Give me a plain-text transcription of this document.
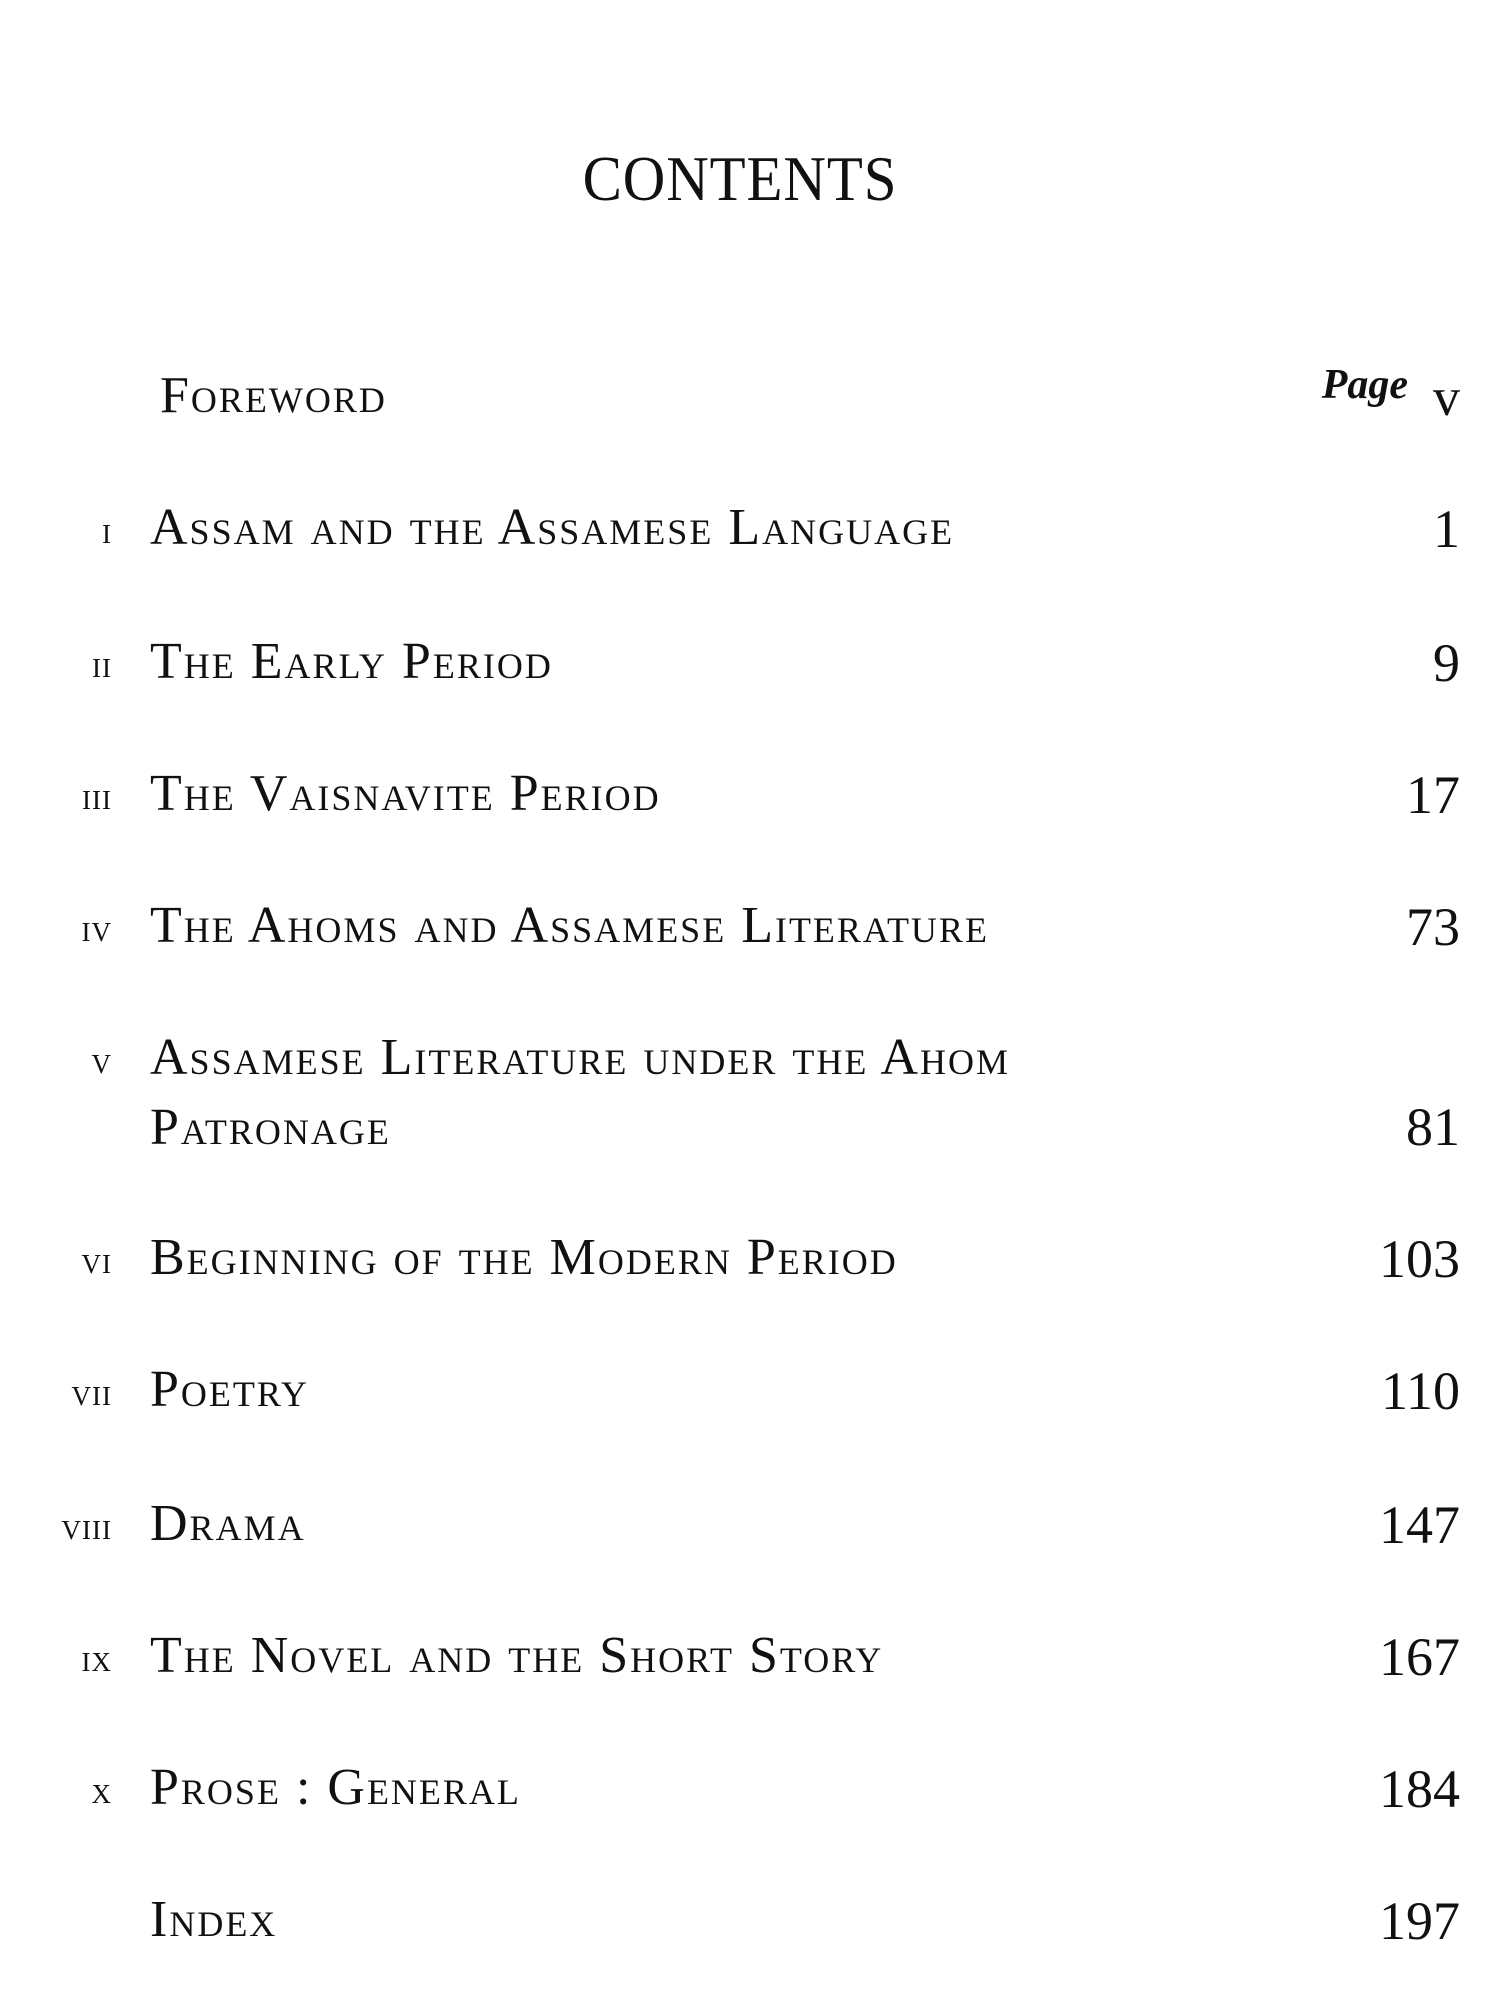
CONTENTS
Foreword	Page v
i Assam and the Assamese Language	1
ii The Early Period	9
iii The Vaisnavite Period	17
iv The Ahoms and Assamese Literature	73
v Assamese Literature under the Ahom
Patronage	81
vi Beginning of the Modern Period	103
vii Poetry	110
viii Drama	147
ix The Novel and the Short Story	167
x Prose : General	184
Index	197
